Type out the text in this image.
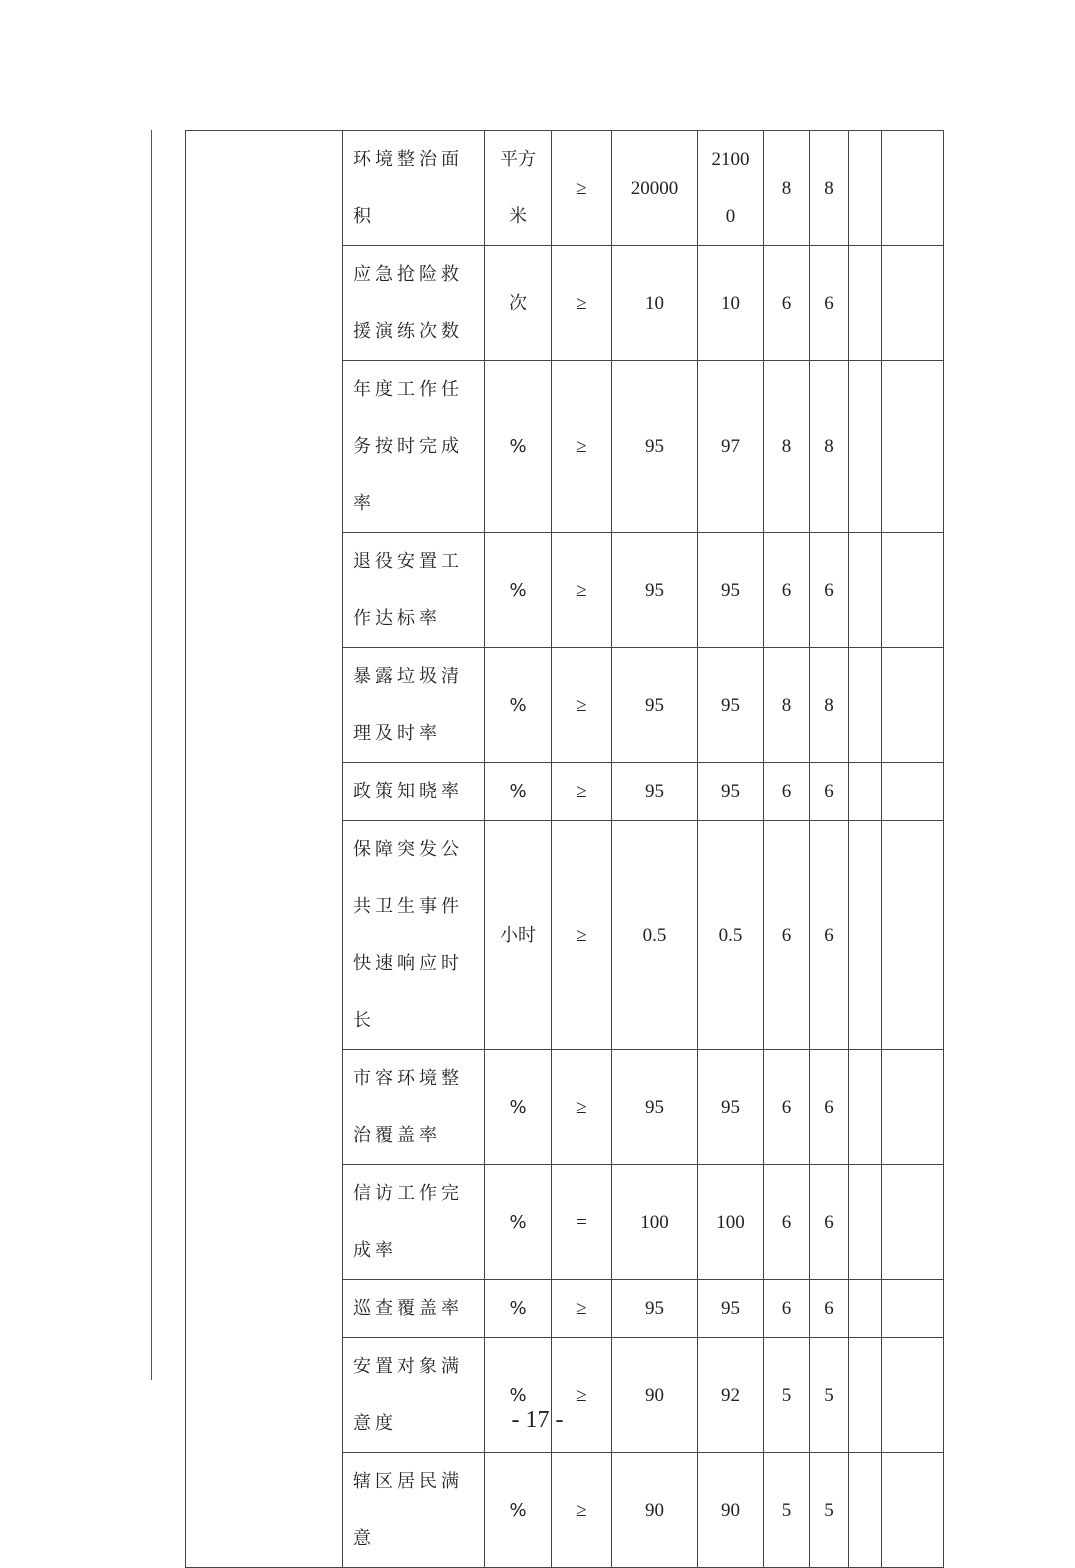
	环境整治面积	平方米	≥	20000	21000	8	8		
	应急抢险救援演练次数	次	≥	10	10	6	6		
	年度工作任务按时完成率	%	≥	95	97	8	8		
	退役安置工作达标率	%	≥	95	95	6	6		
	暴露垃圾清理及时率	%	≥	95	95	8	8		
	政策知晓率	%	≥	95	95	6	6		
	保障突发公共卫生事件快速响应时长	小时	≥	0.5	0.5	6	6		
	市容环境整治覆盖率	%	≥	95	95	6	6		
	信访工作完成率	%	=	100	100	6	6		
	巡查覆盖率	%	≥	95	95	6	6		
	安置对象满意度	%	≥	90	92	5	5		
	辖区居民满意	%	≥	90	90	5	5		
- 17 -
